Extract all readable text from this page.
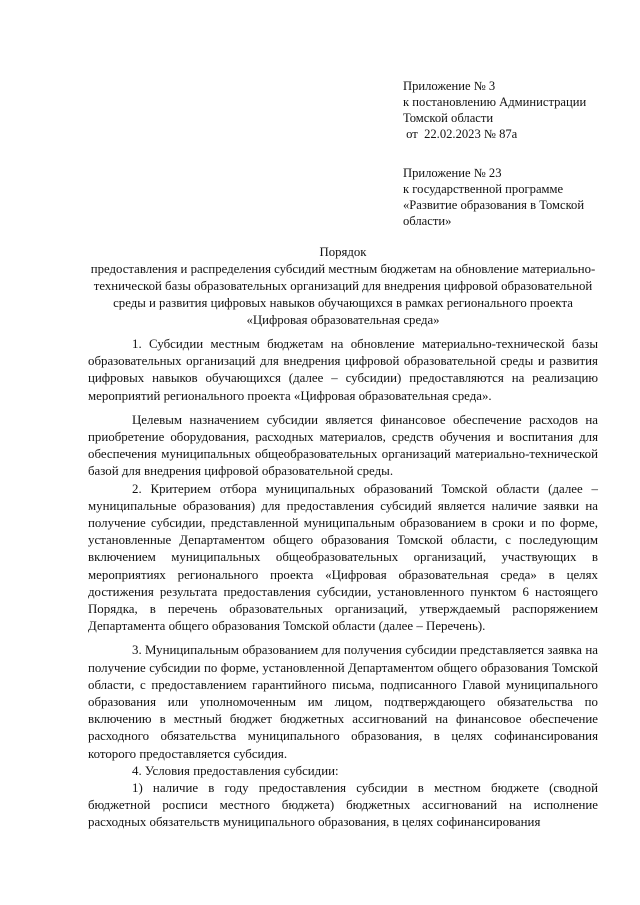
Приложение № 3
к постановлению Администрации
Томской области
от  22.02.2023 № 87а
Приложение № 23
к государственной программе
«Развитие образования в Томской
области»
Порядок
предоставления и распределения субсидий местным бюджетам на обновление материально-технической базы образовательных организаций для внедрения цифровой образовательной среды и развития цифровых навыков обучающихся в рамках регионального проекта «Цифровая образовательная среда»

1. Субсидии местным бюджетам на обновление материально-технической базы образовательных организаций для внедрения цифровой образовательной среды и развития цифровых навыков обучающихся (далее – субсидии) предоставляются на реализацию мероприятий регионального проекта «Цифровая образовательная среда».

Целевым назначением субсидии является финансовое обеспечение расходов на приобретение оборудования, расходных материалов, средств обучения и воспитания для обеспечения муниципальных общеобразовательных организаций материально-технической базой для внедрения цифровой образовательной среды.

2. Критерием отбора муниципальных образований Томской области (далее – муниципальные образования) для предоставления субсидий является наличие заявки на получение субсидии, представленной муниципальным образованием в сроки и по форме, установленные Департаментом общего образования Томской области, с последующим включением муниципальных общеобразовательных организаций, участвующих в мероприятиях регионального проекта «Цифровая образовательная среда» в целях достижения результата предоставления субсидии, установленного пунктом 6 настоящего Порядка, в перечень образовательных организаций, утверждаемый распоряжением Департамента общего образования Томской области (далее – Перечень).

3. Муниципальным образованием для получения субсидии представляется заявка на получение субсидии по форме, установленной Департаментом общего образования Томской области, с предоставлением гарантийного письма, подписанного Главой муниципального образования или уполномоченным им лицом, подтверждающего обязательства по включению в местный бюджет бюджетных ассигнований на финансовое обеспечение расходного обязательства муниципального образования, в целях софинансирования которого предоставляется субсидия.

4. Условия предоставления субсидии:

1) наличие в году предоставления субсидии в местном бюджете (сводной бюджетной росписи местного бюджета) бюджетных ассигнований на исполнение расходных обязательств муниципального образования, в целях софинансирования
